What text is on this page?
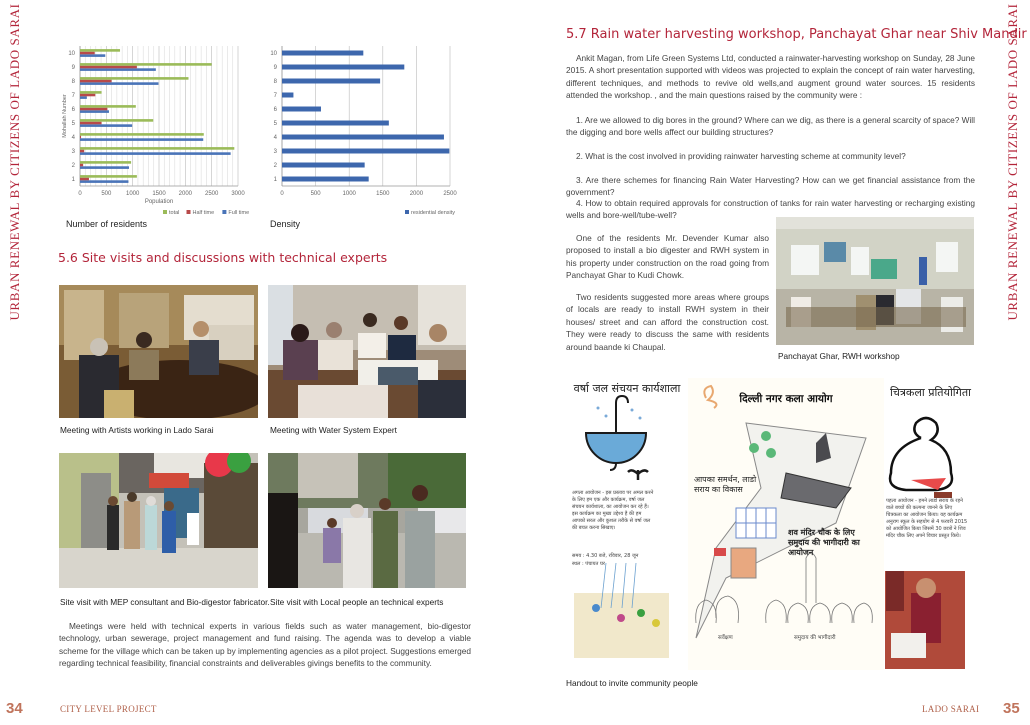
URBAN RENEWAL BY CITIZENS OF LADO SARAI	URBAN RENEWAL BY CITIZENS OF LADO SARAI
0	500 1000 1500 2000 2500 3000
1
2
3
4
5
6
7
8
9
10
Population
Mohallah Number
total Half time	Full time
Number of residents
0	500	1000	1500	2000	2500
1
2
3
4
5
6
7
8
9
10
residential density
Density
5.6 Site visits and discussions with technical experts
Meeting with Artists working in Lado Sarai	Meeting with Water System Expert
Site visit with MEP consultant and Bio-digestor fabricator. Site visit with Local people an technical experts

Meetings were held with technical experts in various fields such as water management, bio-digestor technology, urban sewerage, project management and fund raising. The agenda was to develop a viable scheme for the village which can be taken up by implementing agencies as a pilot project. Suggestions emerged regarding technical feasibility, financial constraints and deliverables givings benefits to the community.

34	CITY LEVEL PROJECT
5.7 Rain water harvesting workshop, Panchayat Ghar near Shiv Mandir

Ankit Magan, from Life Green Systems Ltd, conducted a rainwater-harvesting workshop on Sunday, 28 June 2015. A short presentation supported with videos was projected to explain the concept of rain water harvesting, different techniques, and methods to revive old wells,and augment ground water sources. 15 residents attended the workshop. , and the main questions raised by the community were :

1. Are we allowed to dig bores in the ground? Where can we dig, as there is a general scarcity of space? Will the digging and bore wells affect our building structures?

2. What is the cost involved in providing rainwater harvesting scheme at community level?

3. Are there schemes for financing Rain Water Harvesting? How can we get financial assistance from the government?

4. How to obtain required approvals for construction of tanks for rain water harvesting or recharging existing wells and bore-well/tube-well?

One of the residents Mr. Devender Kumar also proposed to install a bio digester and RWH system in his property under construction on the road going from Panchayat Ghar to Kudi Chowk.

Two residents suggested more areas where groups of locals are ready to install RWH system in their houses/ street and can afford the construction cost. They were ready to discuss the same with residents around baande ki Chaupal.

Panchayat Ghar, RWH workshop
वर्षा जल संचयन कार्यशाला
दिल्ली नगर कला आयोग	चित्रकला प्रतियोगिता
आपका समर्थन, लाडो सराय का विकास
शव मंदिर चौक के लिए समुदाय की भागीदारी का आयोजन
अगला आयोजन - इस प्रस्ताव पर अमल करने के लिए हम एक और कार्यक्रम, वर्षा जल संचयन कार्यशाला, का आयोजन कर रहे हैं। इस कार्यक्रम का मुख्य उद्देश्य है की हम आपको सरल और कुशल तरीके से वर्षा जल की बचत करना सिखाए।
समय : 4.30 बजे, रविवार, 28 जून
स्थल : पंचायत घर
पहला आयोजन - हमने लाडो सराय के रहने वाले बच्चों की कल्पना जानने के लिए चित्रकला का आयोजन किया। यह कार्यक्रम अनुराग स्कूल के सहयोग से 4 फरवरी 2015 को आयोजित किया जिसमें 30 छात्रों ने शिव मंदिर चौक लिए अपने विचार प्रस्तुत किये।
सर्वेक्षण	समुदाय की भागीदारी
Handout to invite community people
LADO SARAI 35
